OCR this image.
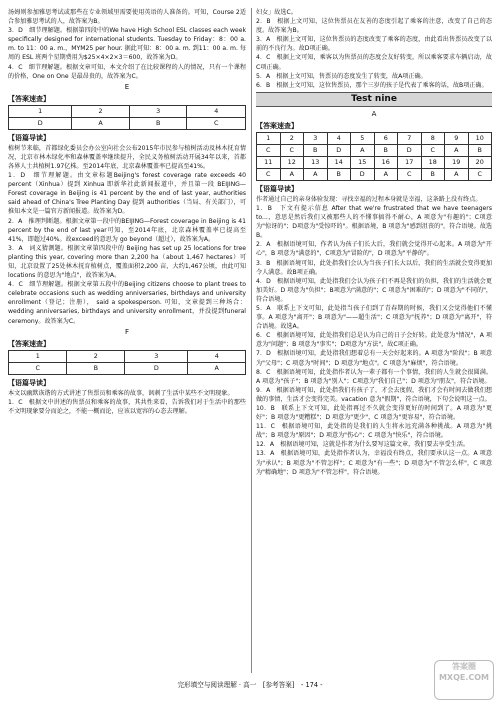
汤姆则参加雅思考试或那些在专业领域里需要使用英语的人准备的。可知，Course 2适合参加雅思考试的人，故答案为B。

3．D　细节理解题。根据第四段中的We have High School ESL classes each week specifically designed for international students. Tuesday to Friday：8：00 a. m. to 11：00 a. m.，MYM25 per hour. 据此可知：8：00 a. m. 到11：00 a. m. 每周的 ESL 班两个星期费用为$25×4×2×3＝600，故答案为D。

4．C　细节理解题。根据文章可知，本文介绍了在比较课程的人的情况，只有一个课程的价格，One on One 是最昂贵的，故答案为C。

E
【答案速查】
1	2	3	4
D	A	B	C
【语篇导读】

植树节来临，首都绿化委员会办公室向社会公布2015年市民参与植树活动及林木抚育情况，北京市林木绿化率和森林覆盖率继续提升，全民义务植树活动开展34年以来，首都各界人士共植树1.97亿株。至2014年底，北京森林覆盖率已提高至41%。

1．D　细节理解题。由文章标题Beijing's forest coverage rate exceeds 40 percent（Xinhua）提到 Xinhua 即新华社此新闻报道中，并且第一段 BEIJING—Forest coverage in Beijing is 41 percent by the end of last year, authorities said ahead of China's Tree Planting Day 提到 authorities（当局、有关部门），可推知本文是一篇官方新闻报道。故答案为D。

2．A　推理判断题。根据文章第一段中的BEIJING—Forest coverage in Beijing is 41 percent by the end of last year可知，至2014年底，北京森林覆盖率已提高至41%，即超过40%。故exceed的意思为 go beyond（超过），故答案为A。

3．A　词义猜测题。根据文章第四段中的 Beijing has set up 25 locations for tree planting this year, covering more than 2,200 ha（about 1,467 hectares）可知，北京设置了25处林木抚育植树点，覆盖面积2,200 亩，大约1,467公顷，由此可知locations 的意思为"地点"，故答案为A。

4．C　细节理解题。根据文章第五段中的Beijing citizens choose to plant trees to celebrate occasions such as wedding anniversaries, birthdays and university enrollment（登记；注册）， said a spokesperson. 可知，文章提到三种场合：wedding anniversaries, birthdays and university enrollment，并没提到funeral ceremony。故答案为C。

F
【答案速查】
1	2	3	4
C	B	D	A
【语篇导读】

本文以幽默诙谐的方式讲述了售票员和乘客的故事，讽刺了生活中某些不文明现象。

1．C　根据文中讲述的售票员和乘客的故事，其共性来看，告诉我们对于生活中的那些不文明现象要分而论之，不能一概而论，应该以宽容的心态去理解。

妇女」故选C。

2．B　根据上文可知，这位售票员在友善的态度引起了乘客的注意，改变了自己的态度。故答案为B。

3．A　根据上文可知，这位售票员的态度改变了乘客的态度，由此看出售票员改变了以前的不良行为。故D项正确。

4．C　根据上文可知，乘客以为售票员的态度会友好转变，所以乘客要求车辆启动，故C项正确。

5．A　根据上文可知，售票员的态度发生了转变，故A项正确。

6．B　根据上文可知，这位售票员，那个三岁的孩子是代表了乘客的话，故B项正确。

Test nine
A
【答案速查】
1	2	3	4	5	6	7	8	9	10
C	C	B	D	A	B	D	C	A	B
11	12	13	14	15	16	17	18	19	20
C	A	A	B	D	A	C	B	A	C
【语篇导读】

作者通过自己的亲身体验发现：寻找幸福的过程本身就是幸福，这条路上没有终点。

1．B　下文有提示信息 After that we're frustrated that we have teenagers to...，意思是然后我们又被那些人的不懂事搞得不耐心，A 项意为"有趣的"；C项意为"惊讶的"；D项意为"受惊吓的"。根据语境，B 项意为"感到沮丧的"，符合语境。故选B。

2．A　根据语境可知，作者认为孩子们长大后，我们就会觉得开心起来。A 项意为"开心"，B 项意为"满意的"，C项意为"冒险的"，D 项意为"平静的"。

3．B　根据语境可知，此处指我们会认为当孩子们长大以后，我们的生活就会变得更加令人满意。故B项正确。

4．D　根据语境可知，此处指我们会认为孩子们不再是我们的负担，我们的生活就会更加美好。D 项意为"负担"；B项意为"满意的"；C 项意为"困难的"；D 项意为"不同的"，符合语境。

5．A　联系上下文可知，此处指当孩子们到了青春期的时候，我们又会觉得他们不懂事。A 项意为"离开"；B 项意为"——超生活"；C 项意为"抚养"；D 项意为"离开"，符合语境。故选A。

6．C　根据语境可知，此处指我们总是认为自己的日子会好转。此处意为"情况"，A 项意为"问题"；B 项意为"事实"；D项意为"方法"，故C项正确。

7．D　根据语境可知，此处指我们想着总有一天会好起来的。A 项意为"阶段"；B 项意为"父母"；C 项意为"时间"；D 项意为"地点"。C 项意为"麻烦"，符合语境。

8．C　根据语境可知，此处指作者认为一辈子都有一个事情，我们的人生就会很圆满。A 项意为"孩子"；B 项意为"别人"；C项意为"我们自己"；D 项意为"朋友"，符合语境。

9．A　根据语境可知，此处指我们有孩子了，才会去度假，我们才会有时间去做我们想做的事情，生活才会变得完美。vacation 意为"假期"，符合语境，下句会说明这一点。

10．B　联系上下文可知，此处指再过不久就会变得更好的时间到了。A 项意为"更好"；B 项意为"更糟糕"；D 项意为"更少"，C 项意为"更容易"，符合语境。

11．C　根据语境可知，此处指的是我们的人生将永远充满各种挑战。A 项意为"挑战"；B 项意为"原因"；D 项意为"伤心"；C 项意为"快乐"，符合语境。

12．A　根据语境可知，这就是作者为什么要写这篇文章，我们要去享受生活。

13．A　根据语境可知，此处指作者认为，幸福没有终点，我们要承认这一点。A 项意为"承认"；B 项意为"不管怎样"；C 项意为"有一些"；D 项意为"不管怎么样"，C 项意为"精确地"；D 项意为"不管怎样"，符合语境。

完形填空与阅读理解 · 高一　[参考答案]　- 174 -
答案圈 MXQE.COM
